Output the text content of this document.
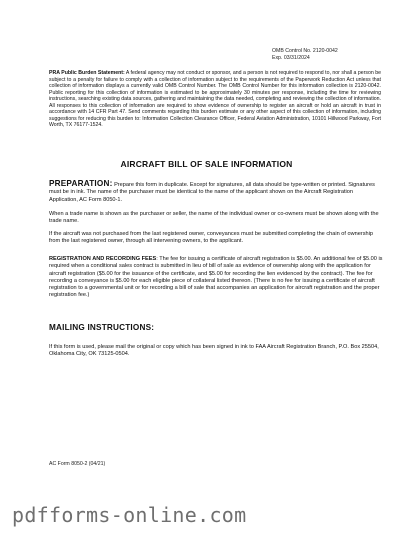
OMB Control No. 2120-0042
Exp. 03/31/2024
PRA Public Burden Statement: A federal agency may not conduct or sponsor, and a person is not required to respond to, nor shall a person be subject to a penalty for failure to comply with a collection of information subject to the requirements of the Paperwork Reduction Act unless that collection of information displays a currently valid OMB Control Number. The OMB Control Number for this information collection is 2120-0042. Public reporting for this collection of information is estimated to be approximately 30 minutes per response, including the time for reviewing instructions, searching existing data sources, gathering and maintaining the data needed, completing and reviewing the collection of information. All responses to this collection of information are required to show evidence of ownership to register an aircraft or hold an aircraft in trust in accordance with 14 CFR Part 47. Send comments regarding this burden estimate or any other aspect of this collection of information, including suggestions for reducing this burden to: Information Collection Clearance Officer, Federal Aviation Administration, 10101 Hillwood Parkway, Fort Worth, TX 76177-1524.
AIRCRAFT BILL OF SALE INFORMATION
PREPARATION: Prepare this form in duplicate. Except for signatures, all data should be type-written or printed. Signatures must be in ink. The name of the purchaser must be identical to the name of the applicant shown on the Aircraft Registration Application, AC Form 8050-1.
When a trade name is shown as the purchaser or seller, the name of the individual owner or co-owners must be shown along with the trade name.
If the aircraft was not purchased from the last registered owner, conveyances must be submitted completing the chain of ownership from the last registered owner, through all intervening owners, to the applicant.
REGISTRATION AND RECORDING FEES: The fee for issuing a certificate of aircraft registration is $5.00. An additional fee of $5.00 is required when a conditional sales contract is submitted in lieu of bill of sale as evidence of ownership along with the application for aircraft registration ($5.00 for the issuance of the certificate, and $5.00 for recording the lien evidenced by the contract). The fee for recording a conveyance is $5.00 for each eligible piece of collateral listed thereon. (There is no fee for issuing a certificate of aircraft registration to a governmental unit or for recording a bill of sale that accompanies an application for aircraft registration and the proper registration fee.)
MAILING INSTRUCTIONS:
If this form is used, please mail the original or copy which has been signed in ink to FAA Aircraft Registration Branch, P.O. Box 25504, Oklahoma City, OK 73125-0504.
AC Form 8050-2 (04/21)
pdfforms-online.com
